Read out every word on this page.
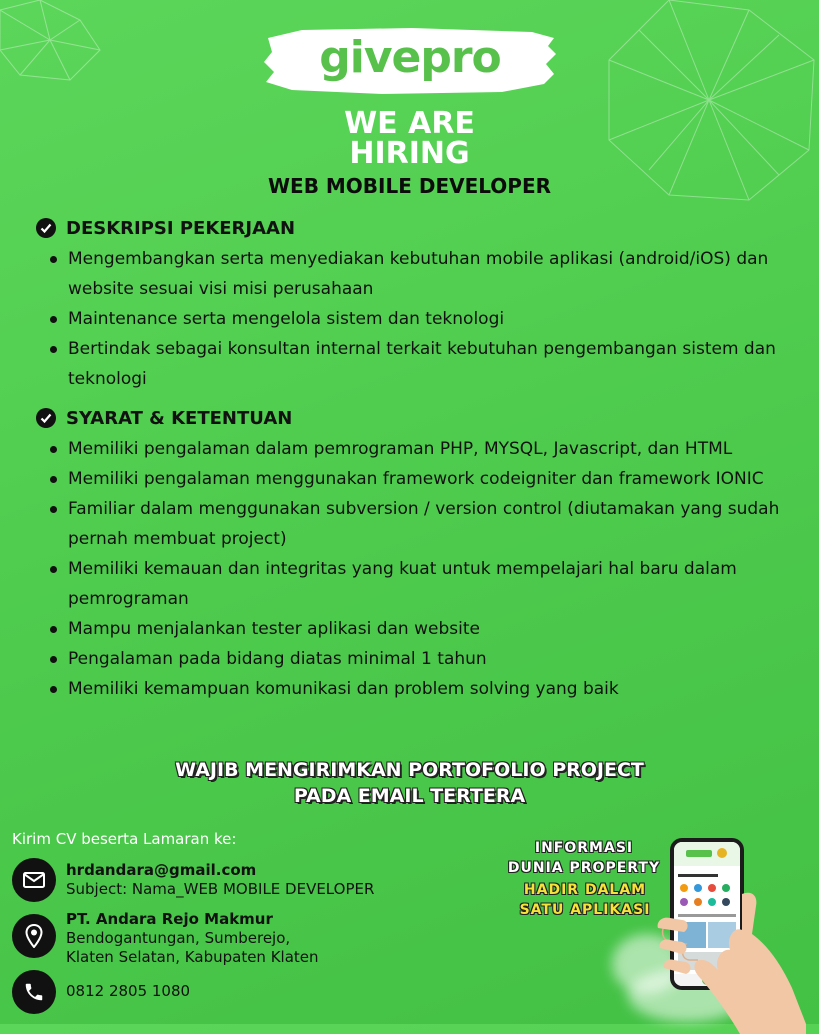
givepro
WE ARE
HIRING
WEB MOBILE DEVELOPER
DESKRIPSI PEKERJAAN
Mengembangkan serta menyediakan kebutuhan mobile aplikasi (android/iOS) dan website sesuai visi misi perusahaan
Maintenance serta mengelola sistem dan teknologi
Bertindak sebagai konsultan internal terkait kebutuhan pengembangan sistem dan teknologi
SYARAT & KETENTUAN
Memiliki pengalaman dalam pemrograman PHP, MYSQL, Javascript, dan HTML
Memiliki pengalaman menggunakan framework codeigniter dan framework IONIC
Familiar dalam menggunakan subversion / version control (diutamakan yang sudah pernah membuat project)
Memiliki kemauan dan integritas yang kuat untuk mempelajari hal baru dalam pemrograman
Mampu menjalankan tester aplikasi dan website
Pengalaman pada bidang diatas minimal 1 tahun
Memiliki kemampuan komunikasi dan problem solving yang baik
WAJIB MENGIRIMKAN PORTOFOLIO PROJECT
PADA EMAIL TERTERA
Kirim CV beserta Lamaran ke:
hrdandara@gmail.com
Subject: Nama_WEB MOBILE DEVELOPER
PT. Andara Rejo Makmur
Bendogantungan, Sumberejo,
Klaten Selatan, Kabupaten Klaten
0812 2805 1080
INFORMASI
DUNIA PROPERTY
HADIR DALAM
SATU APLIKASI
